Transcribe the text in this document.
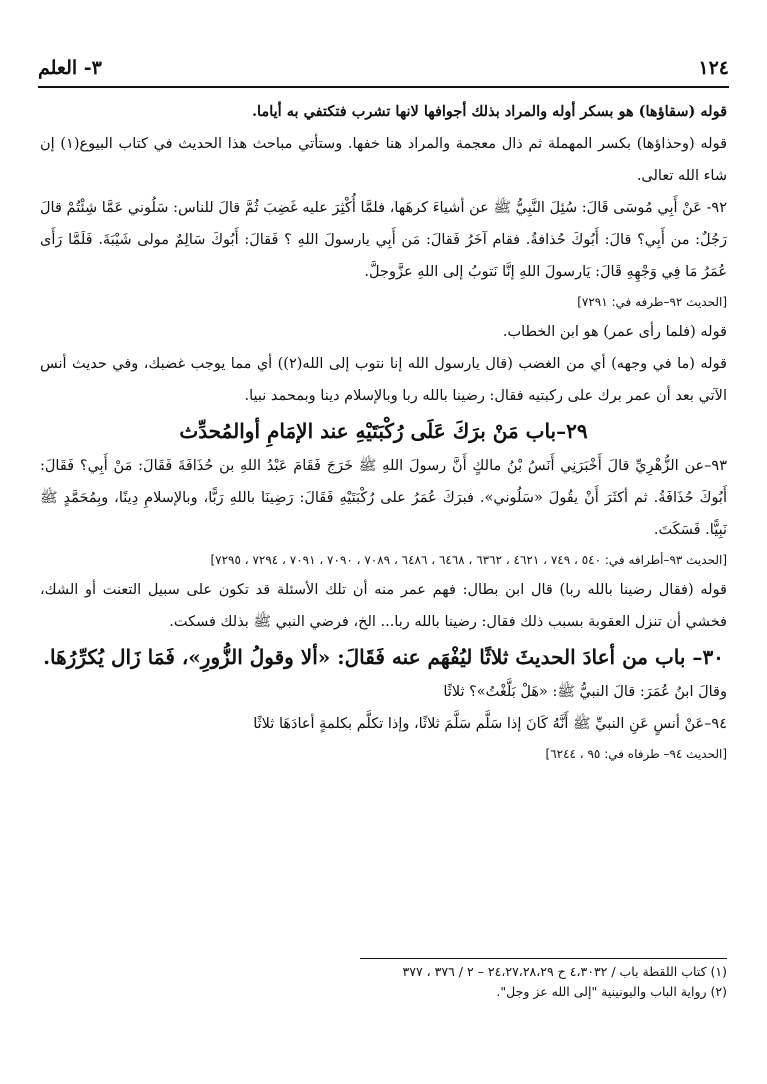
١٢٤
٣- العلم

قوله (سقاؤها) هو بسكر أوله والمراد بذلك أجوافها لانها تشرب فتكتفي به أياما.

قوله (وحذاؤها) بكسر المهملة ثم ذال معجمة والمراد هنا خفها. وستأتي مباحث هذا الحديث في كتاب البيوع(١) إن شاء الله تعالى.

٩٢- عَنْ أَبِي مُوسَى قَالَ: سُئِلَ النَّبِيُّ ﷺ عن أشياءَ كرهَها، فلمَّا أُكْثِرَ عليه غَضِبَ ثُمَّ قالَ للناس: سَلُوني عَمَّا شِئْتُمْ قالَ رَجُلٌ: من أَبِي؟ قالَ: أَبُوكَ حُذافةُ. فقام آخَرُ فَقالَ: مَن أَبِي يارسولَ اللهِ ؟ فَقالَ: أَبُوكَ سَالِمٌ مولى شَيْبَةَ. فَلَمَّا رَأَى عُمَرُ مَا فِي وَجْهِهِ قَالَ: يَارسولَ اللهِ إنَّا نَتوبُ إلى اللهِ عزَّوجلَّ.

[الحديث ٩٢–طرفه في: ٧٢٩١]

قوله (فلما رأى عمر) هو ابن الخطاب.

قوله (ما في وجهه) أي من الغضب (قال يارسول الله إنا نتوب إلى الله(٢)) أي مما يوجب غضبك، وفي حديث أنس الآتي بعد أن عمر برك على ركبتيه فقال: رضينا بالله ربا وبالإسلام دينا وبمحمد نبيا.

٢٩–باب مَنْ برَكَ عَلَى رُكْبَتَيْهِ عند الإمَامِ أوالمُحدِّث

٩٣–عن الزُّهْرِيِّ قالَ أَخْبَرَنِي أَنَسُ بْنُ مالكٍ أَنَّ رسولَ اللهِ ﷺ خَرَجَ فَقَامَ عَبْدُ اللهِ بن حُذَافَةَ فَقَالَ: مَنْ أَبِي؟ فَقَالَ: أَبُوكَ حُذَافَةُ. ثم أكثَرَ أَنْ يقُولَ «سَلُوني». فبرَكَ عُمَرُ على رُكْبَتَيْهِ فَقَالَ: رَضِينَا باللهِ رَبًّا، وبالإسلامِ دِينًا، وبِمُحَمَّدٍ ﷺ نَبِيًّا. فَسَكَتَ.

[الحديث ٩٣–أطرافه في: ٥٤٠ ، ٧٤٩ ، ٤٦٢١ ، ٦٣٦٢ ، ٦٤٦٨ ، ٦٤٨٦ ، ٧٠٨٩ ، ٧٠٩٠ ، ٧٠٩١ ، ٧٢٩٤ ، ٧٢٩٥]

قوله (فقال رضينا بالله ربا) قال ابن بطال: فهم عمر منه أن تلك الأسئلة قد تكون على سبيل التعنت أو الشك، فخشي أن تنزل العقوبة بسبب ذلك فقال: رضينا بالله ربا... الخ، فرضي النبي ﷺ بذلك فسكت.

٣٠– باب من أعادَ الحديثَ ثلاثًا ليُفْهَم عنه فَقَالَ: «ألا وقولُ الزُّورِ»، فَمَا زَال يُكرِّرُهَا.

وقالَ ابنُ عُمَرَ: قالَ النبيُّ ﷺ: «هَلْ بَلَّغْتُ»؟ ثلاثًا

٩٤–عَنْ أنسٍ عَنِ النبيِّ ﷺ أَنَّهُ كَانَ إذا سَلَّم سَلَّمَ ثلاثًا، وإذا تكلَّم بكلمةٍ أعادَهَا ثلاثًا

[الحديث ٩٤– طرفاه في: ٩٥ ، ٦٢٤٤]

(١) كتاب اللقطة باب / ٤،٣٠٣٢ ح ٢٤،٢٧،٢٨،٢٩ – ٢ / ٣٧٦ ، ٣٧٧

(٢) رواية الباب واليونينية "إلى الله عز وجل".
